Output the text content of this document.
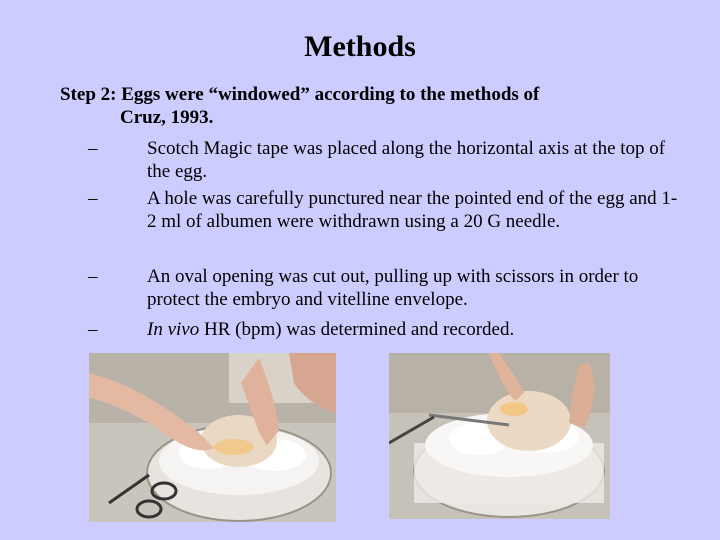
Methods
Step 2: Eggs were “windowed” according to the methods of
Cruz, 1993.
–	Scotch Magic tape was placed along the horizontal axis at the top of the egg.
–	A hole was carefully punctured near the pointed end of the egg and 1-2 ml of albumen were withdrawn using a 20 G needle.
–	An oval opening was cut out, pulling up with scissors in order to protect the embryo and vitelline envelope.
–	In vivo HR (bpm) was determined and recorded.
